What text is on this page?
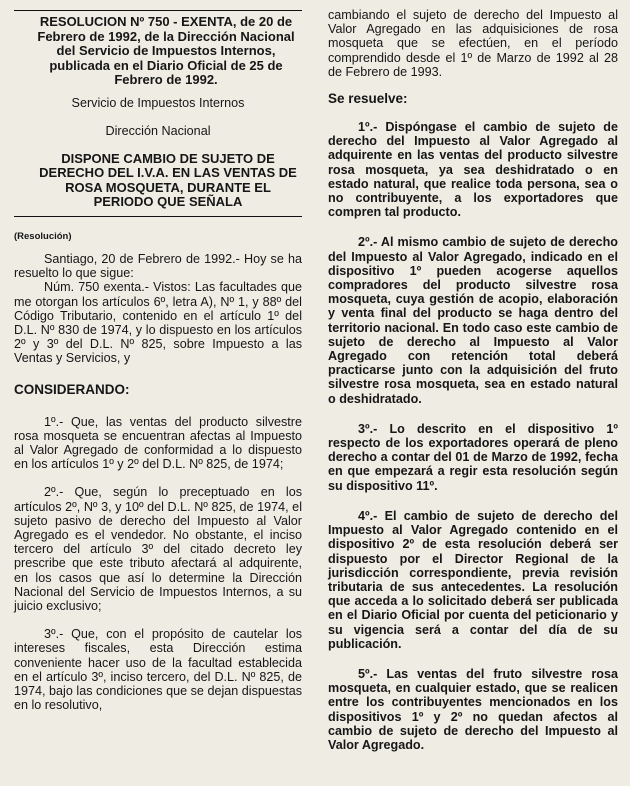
RESOLUCION Nº 750 - EXENTA, de 20 de Febrero de 1992, de la Dirección Nacional del Servicio de Impuestos Internos, publicada en el Diario Oficial de 25 de Febrero de 1992.

Servicio de Impuestos Internos

Dirección Nacional

DISPONE CAMBIO DE SUJETO DE DERECHO DEL I.V.A. EN LAS VENTAS DE ROSA MOSQUETA, DURANTE EL PERIODO QUE SEÑALA

(Resolución)

Santiago, 20 de Febrero de 1992.- Hoy se ha resuelto lo que sigue:

Núm. 750 exenta.- Vistos: Las facultades que me otorgan los artículos 6º, letra A), Nº 1, y 88º del Código Tributario, contenido en el artículo 1º del D.L. Nº 830 de 1974, y lo dispuesto en los artículos 2º y 3º del D.L. Nº 825, sobre Impuesto a las Ventas y Servicios, y

CONSIDERANDO:

1º.- Que, las ventas del producto silvestre rosa mosqueta se encuentran afectas al Impuesto al Valor Agregado de conformidad a lo dispuesto en los artículos 1º y 2º del D.L. Nº 825, de 1974;

2º.- Que, según lo preceptuado en los artículos 2º, Nº 3, y 10º del D.L. Nº 825, de 1974, el sujeto pasivo de derecho del Impuesto al Valor Agregado es el vendedor. No obstante, el inciso tercero del artículo 3º del citado decreto ley prescribe que este tributo afectará al adquirente, en los casos que así lo determine la Dirección Nacional del Servicio de Impuestos Internos, a su juicio exclusivo;

3º.- Que, con el propósito de cautelar los intereses fiscales, esta Dirección estima conveniente hacer uso de la facultad establecida en el artículo 3º, inciso tercero, del D.L. Nº 825, de 1974, bajo las condiciones que se dejan dispuestas en lo resolutivo,

cambiando el sujeto de derecho del Impuesto al Valor Agregado en las adquisiciones de rosa mosqueta que se efectúen, en el período comprendido desde el 1º de Marzo de 1992 al 28 de Febrero de 1993.

Se resuelve:

1º.- Dispóngase el cambio de sujeto de derecho del Impuesto al Valor Agregado al adquirente en las ventas del producto silvestre rosa mosqueta, ya sea deshidratado o en estado natural, que realice toda persona, sea o no contribuyente, a los exportadores que compren tal producto.

2º.- Al mismo cambio de sujeto de derecho del Impuesto al Valor Agregado, indicado en el dispositivo 1º pueden acogerse aquellos compradores del producto silvestre rosa mosqueta, cuya gestión de acopio, elaboración y venta final del producto se haga dentro del territorio nacional. En todo caso este cambio de sujeto de derecho al Impuesto al Valor Agregado con retención total deberá practicarse junto con la adquisición del fruto silvestre rosa mosqueta, sea en estado natural o deshidratado.

3º.- Lo descrito en el dispositivo 1º respecto de los exportadores operará de pleno derecho a contar del 01 de Marzo de 1992, fecha en que empezará a regir esta resolución según su dispositivo 11º.

4º.- El cambio de sujeto de derecho del Impuesto al Valor Agregado contenido en el dispositivo 2º de esta resolución deberá ser dispuesto por el Director Regional de la jurisdicción correspondiente, previa revisión tributaria de sus antecedentes. La resolución que acceda a lo solicitado deberá ser publicada en el Diario Oficial por cuenta del peticionario y su vigencia será a contar del día de su publicación.

5º.- Las ventas del fruto silvestre rosa mosqueta, en cualquier estado, que se realicen entre los contribuyentes mencionados en los dispositivos 1º y 2º no quedan afectos al cambio de sujeto de derecho del Impuesto al Valor Agregado.
